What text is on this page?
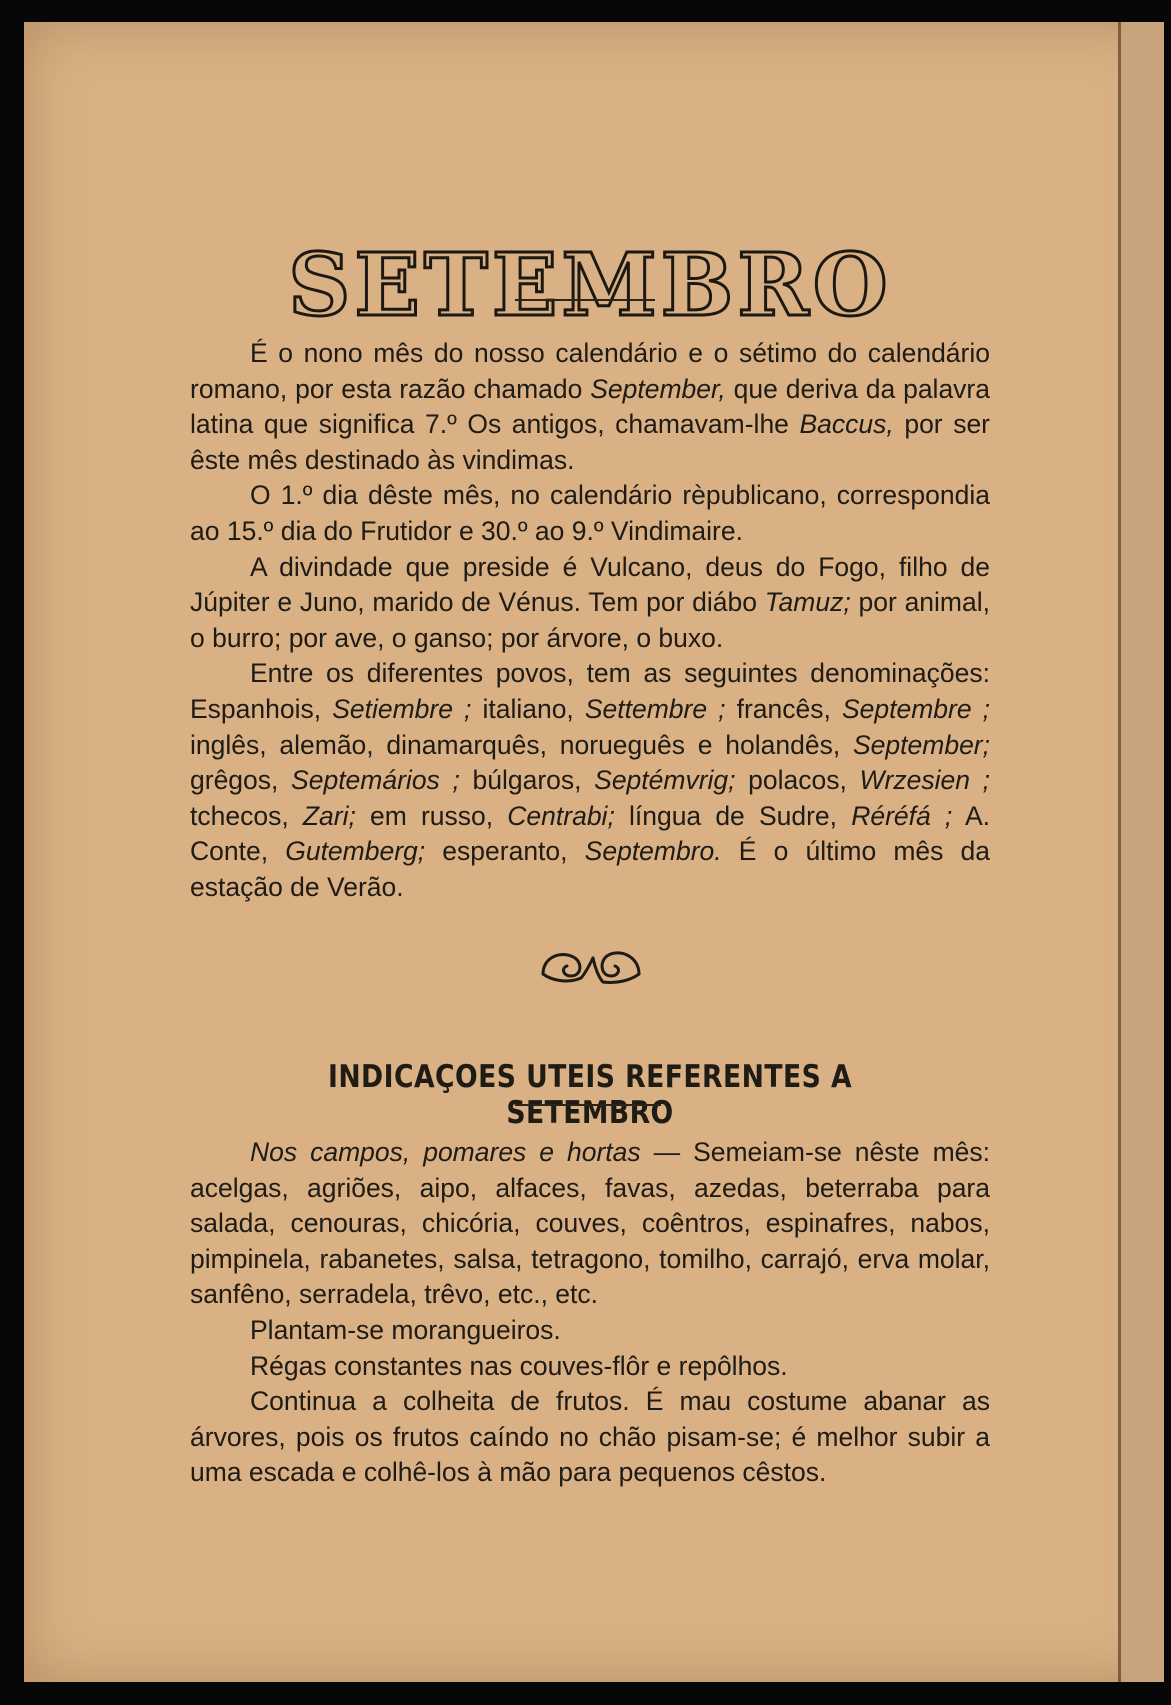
SETEMBRO

É o nono mês do nosso calendário e o sétimo do calendário romano, por esta razão chamado September, que deriva da palavra latina que significa 7.º Os antigos, chamavam-lhe Baccus, por ser êste mês destinado às vindimas.

O 1.º dia dêste mês, no calendário rèpublicano, correspondia ao 15.º dia do Frutidor e 30.º ao 9.º Vindimaire.

A divindade que preside é Vulcano, deus do Fogo, filho de Júpiter e Juno, marido de Vénus. Tem por diábo Tamuz; por animal, o burro; por ave, o ganso; por árvore, o buxo.

Entre os diferentes povos, tem as seguintes denominações: Espanhois, Setiembre ; italiano, Settembre ; francês, Septembre ; inglês, alemão, dinamarquês, norueguês e holandês, September; grêgos, Septemários ; búlgaros, Septémvrig; polacos, Wrzesien ; tchecos, Zari; em russo, Centrabi; língua de Sudre, Réréfá ; A. Conte, Gutemberg; esperanto, Septembro. É o último mês da estação de Verão.

INDICAÇOES UTEIS REFERENTES A SETEMBRO

Nos campos, pomares e hortas — Semeiam-se nêste mês: acelgas, agriões, aipo, alfaces, favas, azedas, beterraba para salada, cenouras, chicória, couves, coêntros, espinafres, nabos, pimpinela, rabanetes, salsa, tetragono, tomilho, carrajó, erva molar, sanfêno, serradela, trêvo, etc., etc.

Plantam-se morangueiros.

Régas constantes nas couves-flôr e repôlhos.

Continua a colheita de frutos. É mau costume abanar as árvores, pois os frutos caíndo no chão pisam-se; é melhor subir a uma escada e colhê-los à mão para pequenos cêstos.
